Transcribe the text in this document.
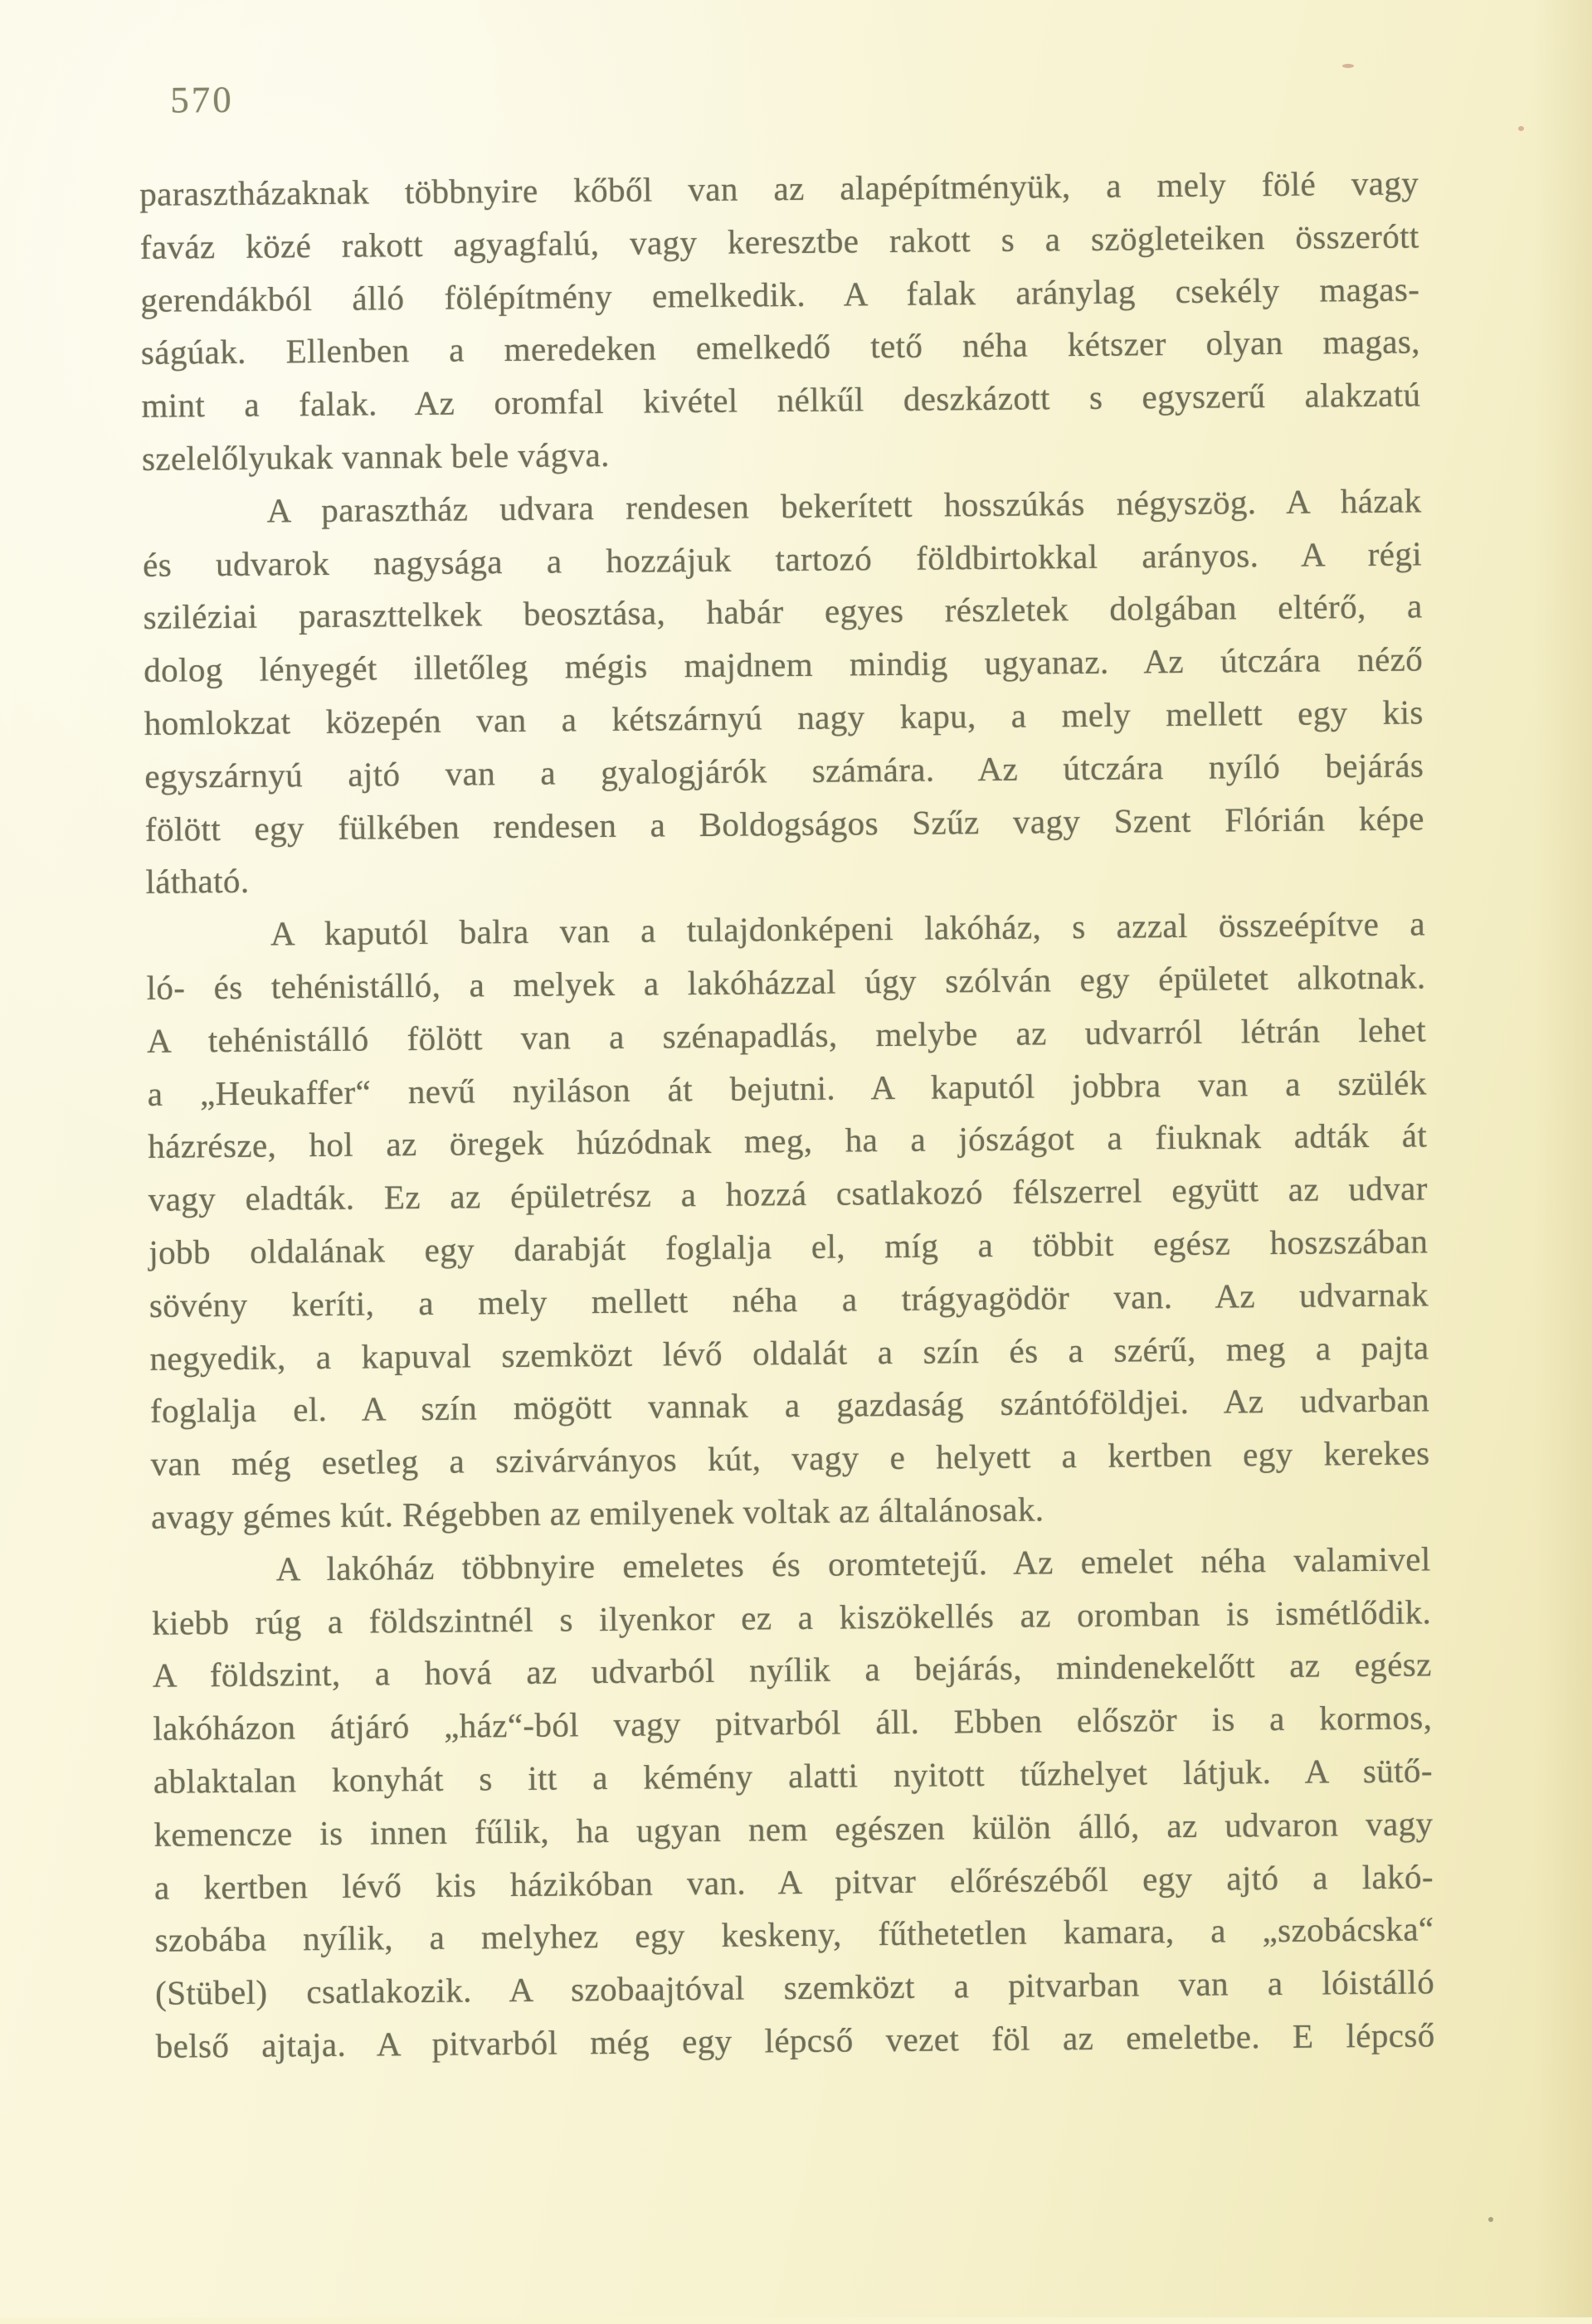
570
parasztházaknak többnyire kőből van az alapépítményük, a mely fölé vagy
faváz közé rakott agyagfalú, vagy keresztbe rakott s a szögleteiken összerótt
gerendákból álló fölépítmény emelkedik. A falak aránylag csekély magas-
ságúak. Ellenben a meredeken emelkedő tető néha kétszer olyan magas,
mint a falak. Az oromfal kivétel nélkűl deszkázott s egyszerű alakzatú
szelelőlyukak vannak bele vágva.
A parasztház udvara rendesen bekerített hosszúkás négyszög. A házak
és udvarok nagysága a hozzájuk tartozó földbirtokkal arányos. A régi
sziléziai paraszttelkek beosztása, habár egyes részletek dolgában eltérő, a
dolog lényegét illetőleg mégis majdnem mindig ugyanaz. Az útczára néző
homlokzat közepén van a kétszárnyú nagy kapu, a mely mellett egy kis
egyszárnyú ajtó van a gyalogjárók számára. Az útczára nyíló bejárás
fölött egy fülkében rendesen a Boldogságos Szűz vagy Szent Flórián képe
látható.
A kaputól balra van a tulajdonképeni lakóház, s azzal összeépítve a
ló- és tehénistálló, a melyek a lakóházzal úgy szólván egy épületet alkotnak.
A tehénistálló fölött van a szénapadlás, melybe az udvarról létrán lehet
a „Heukaffer“ nevű nyiláson át bejutni. A kaputól jobbra van a szülék
házrésze, hol az öregek húzódnak meg, ha a jószágot a fiuknak adták át
vagy eladták. Ez az épületrész a hozzá csatlakozó félszerrel együtt az udvar
jobb oldalának egy darabját foglalja el, míg a többit egész hoszszában
sövény keríti, a mely mellett néha a trágyagödör van. Az udvarnak
negyedik, a kapuval szemközt lévő oldalát a szín és a szérű, meg a pajta
foglalja el. A szín mögött vannak a gazdaság szántóföldjei. Az udvarban
van még esetleg a szivárványos kút, vagy e helyett a kertben egy kerekes
avagy gémes kút. Régebben az emilyenek voltak az általánosak.
A lakóház többnyire emeletes és oromtetejű. Az emelet néha valamivel
kiebb rúg a földszintnél s ilyenkor ez a kiszökellés az oromban is ismétlődik.
A földszint, a hová az udvarból nyílik a bejárás, mindenekelőtt az egész
lakóházon átjáró „ház“-ból vagy pitvarból áll. Ebben először is a kormos,
ablaktalan konyhát s itt a kémény alatti nyitott tűzhelyet látjuk. A sütő-
kemencze is innen fűlik, ha ugyan nem egészen külön álló, az udvaron vagy
a kertben lévő kis házikóban van. A pitvar előrészéből egy ajtó a lakó-
szobába nyílik, a melyhez egy keskeny, fűthetetlen kamara, a „szobácska“
(Stübel) csatlakozik. A szobaajtóval szemközt a pitvarban van a lóistálló
belső ajtaja. A pitvarból még egy lépcső vezet föl az emeletbe. E lépcső
